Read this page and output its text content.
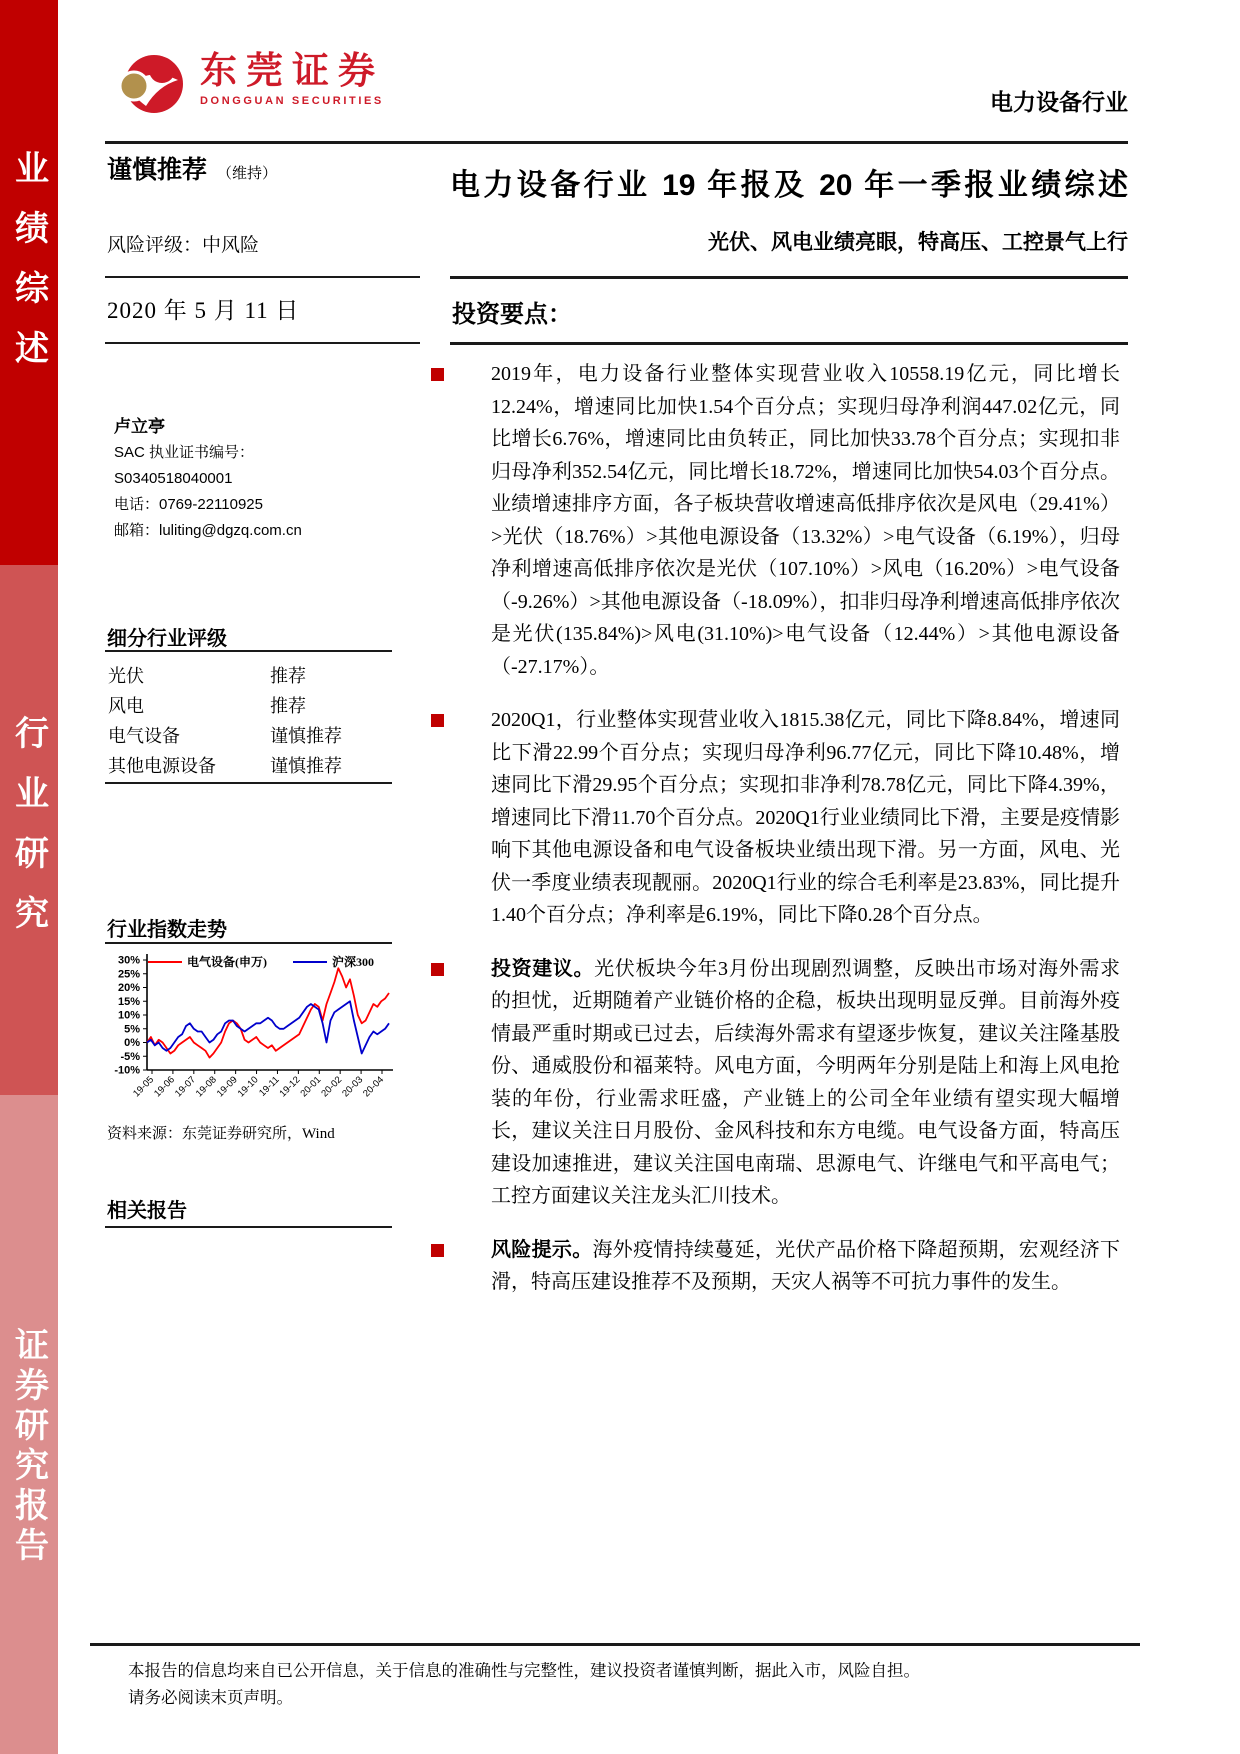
业绩综述
行业研究
证券研究报告
东莞证券
DONGGUAN SECURITIES	电力设备行业
谨慎推荐 （维持）
风险评级：中风险
2020 年 5 月 11 日
卢立亭
SAC 执业证书编号：
S0340518040001
电话：0769-22110925
邮箱：luliting@dgzq.com.cn
细分行业评级
光伏	推荐
风电	推荐
电气设备	谨慎推荐
其他电源设备	谨慎推荐
行业指数走势
电气设备(申万)	沪深300
30%
25%
20%
15%
10%
5%
0%
-5%
-10%
19-05
19-06
19-07
19-08
19-09
19-10
19-11
19-12
20-01
20-02
20-03
20-04
资料来源：东莞证券研究所，Wind
相关报告
电力设备行业 19 年报及 20 年一季报业绩综述
光伏、风电业绩亮眼，特高压、工控景气上行
投资要点：
2019年，电力设备行业整体实现营业收入10558.19亿元，同比增长12.24%，增速同比加快1.54个百分点；实现归母净利润447.02亿元，同比增长6.76%，增速同比由负转正，同比加快33.78个百分点；实现扣非归母净利352.54亿元，同比增长18.72%，增速同比加快54.03个百分点。业绩增速排序方面，各子板块营收增速高低排序依次是风电（29.41%）>光伏（18.76%）>其他电源设备（13.32%）>电气设备（6.19%），归母净利增速高低排序依次是光伏（107.10%）>风电（16.20%）>电气设备（-9.26%）>其他电源设备（-18.09%），扣非归母净利增速高低排序依次是光伏(135.84%)>风电(31.10%)>电气设备（12.44%）>其他电源设备（-27.17%）。
2020Q1，行业整体实现营业收入1815.38亿元，同比下降8.84%，增速同比下滑22.99个百分点；实现归母净利96.77亿元，同比下降10.48%，增速同比下滑29.95个百分点；实现扣非净利78.78亿元，同比下降4.39%，增速同比下滑11.70个百分点。2020Q1行业业绩同比下滑，主要是疫情影响下其他电源设备和电气设备板块业绩出现下滑。另一方面，风电、光伏一季度业绩表现靓丽。2020Q1行业的综合毛利率是23.83%，同比提升1.40个百分点；净利率是6.19%，同比下降0.28个百分点。
投资建议。光伏板块今年3月份出现剧烈调整，反映出市场对海外需求的担忧，近期随着产业链价格的企稳，板块出现明显反弹。目前海外疫情最严重时期或已过去，后续海外需求有望逐步恢复，建议关注隆基股份、通威股份和福莱特。风电方面，今明两年分别是陆上和海上风电抢装的年份，行业需求旺盛，产业链上的公司全年业绩有望实现大幅增长，建议关注日月股份、金风科技和东方电缆。电气设备方面，特高压建设加速推进，建议关注国电南瑞、思源电气、许继电气和平高电气；工控方面建议关注龙头汇川技术。
风险提示。海外疫情持续蔓延，光伏产品价格下降超预期，宏观经济下滑，特高压建设推荐不及预期，天灾人祸等不可抗力事件的发生。
本报告的信息均来自已公开信息，关于信息的准确性与完整性，建议投资者谨慎判断，据此入市，风险自担。
请务必阅读末页声明。
